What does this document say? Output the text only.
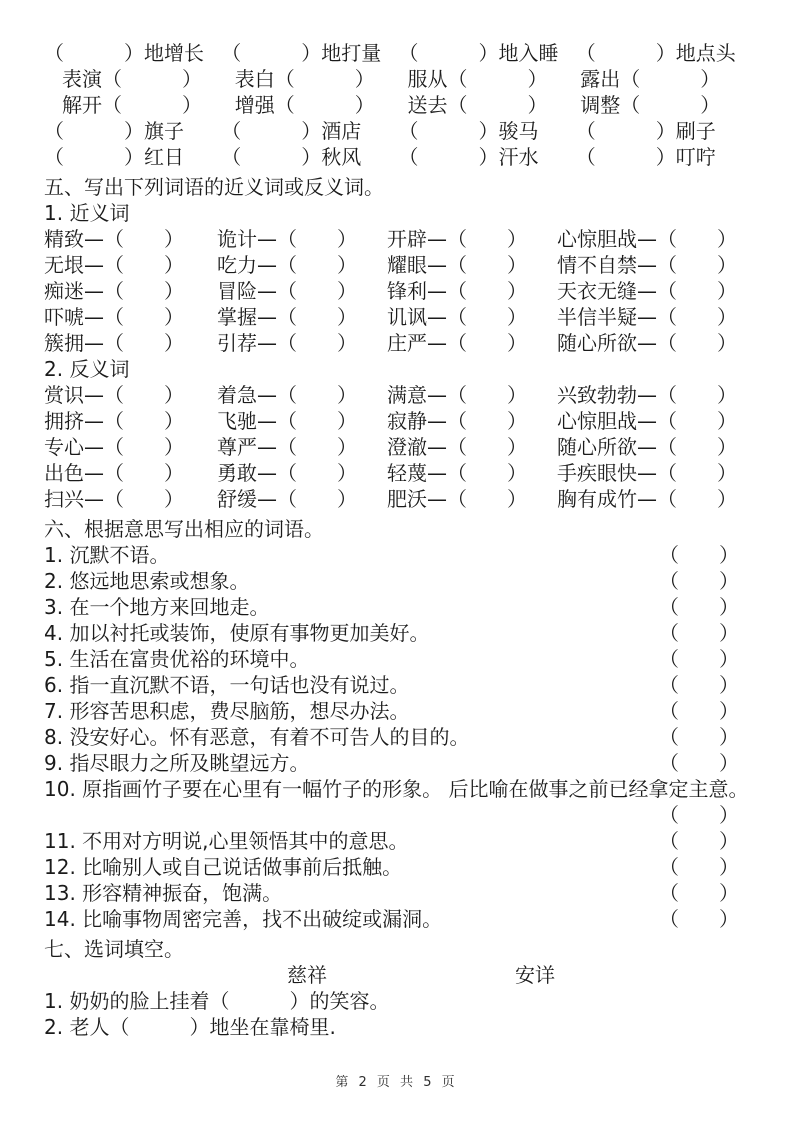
（　　　）地增长 （　　　）地打量 （　　　）地入睡 （　　　）地点头
表演（　　　）	表白（　　　）	服从（　　　）	露出（　　　）
解开（　　　）	增强（　　　）	送去（　　　）	调整（　　　）
（　　　）旗子	（　　　）酒店	（　　　）骏马	（　　　）刷子
（　　　）红日	（　　　）秋风	（　　　）汗水	（　　　）叮咛
五、写出下列词语的近义词或反义词。
1. 近义词
精致—（　　）	诡计—（　　）	开辟—（　　）	心惊胆战—（　　）
无垠—（　　）	吃力—（　　）	耀眼—（　　）	情不自禁—（　　）
痴迷—（　　）	冒险—（　　）	锋利—（　　）	天衣无缝—（　　）
吓唬—（　　）	掌握—（　　）	讥讽—（　　）	半信半疑—（　　）
簇拥—（　　）	引荐—（　　）	庄严—（　　）	随心所欲—（　　）
2. 反义词
赏识—（　　）	着急—（　　）	满意—（　　）	兴致勃勃—（　　）
拥挤—（　　）	飞驰—（　　）	寂静—（　　）	心惊胆战—（　　）
专心—（　　）	尊严—（　　）	澄澈—（　　）	随心所欲—（　　）
出色—（　　）	勇敢—（　　）	轻蔑—（　　）	手疾眼快—（　　）
扫兴—（　　）	舒缓—（　　）	肥沃—（　　）	胸有成竹—（　　）
六、根据意思写出相应的词语。
1. 沉默不语。	（　　）
2. 悠远地思索或想象。	（　　）
3. 在一个地方来回地走。	（　　）
4. 加以衬托或装饰，使原有事物更加美好。	（　　）
5. 生活在富贵优裕的环境中。	（　　）
6. 指一直沉默不语，一句话也没有说过。	（　　）
7. 形容苦思积虑，费尽脑筋，想尽办法。	（　　）
8. 没安好心。怀有恶意，有着不可告人的目的。	（　　）
9. 指尽眼力之所及眺望远方。	（　　）
10. 原指画竹子要在心里有一幅竹子的形象。 后比喻在做事之前已经拿定主意。
（　　）
11. 不用对方明说,心里领悟其中的意思。	（　　）
12. 比喻别人或自己说话做事前后抵触。	（　　）
13. 形容精神振奋，饱满。	（　　）
14. 比喻事物周密完善，找不出破绽或漏洞。	（　　）
七、选词填空。
慈祥	安详
1. 奶奶的脸上挂着（　　　）的笑容。
2. 老人（　　　）地坐在靠椅里.
第 2 页 共 5 页
